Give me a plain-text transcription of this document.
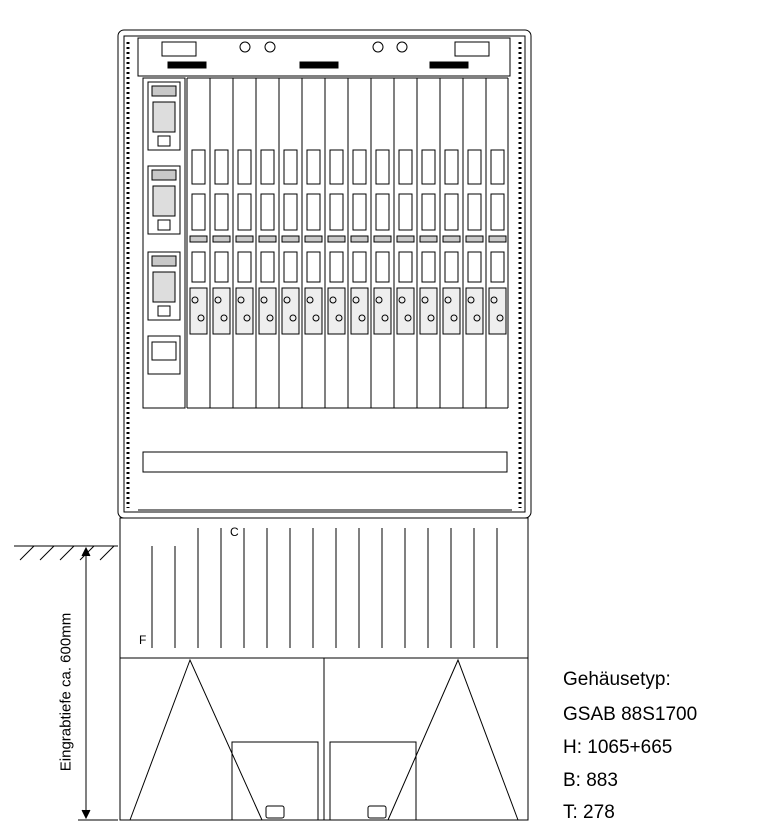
Eingrabtiefe ca. 600mm
C
F
Gehäusetyp:
GSAB 88S1700
H: 1065+665
B: 883
T: 278
